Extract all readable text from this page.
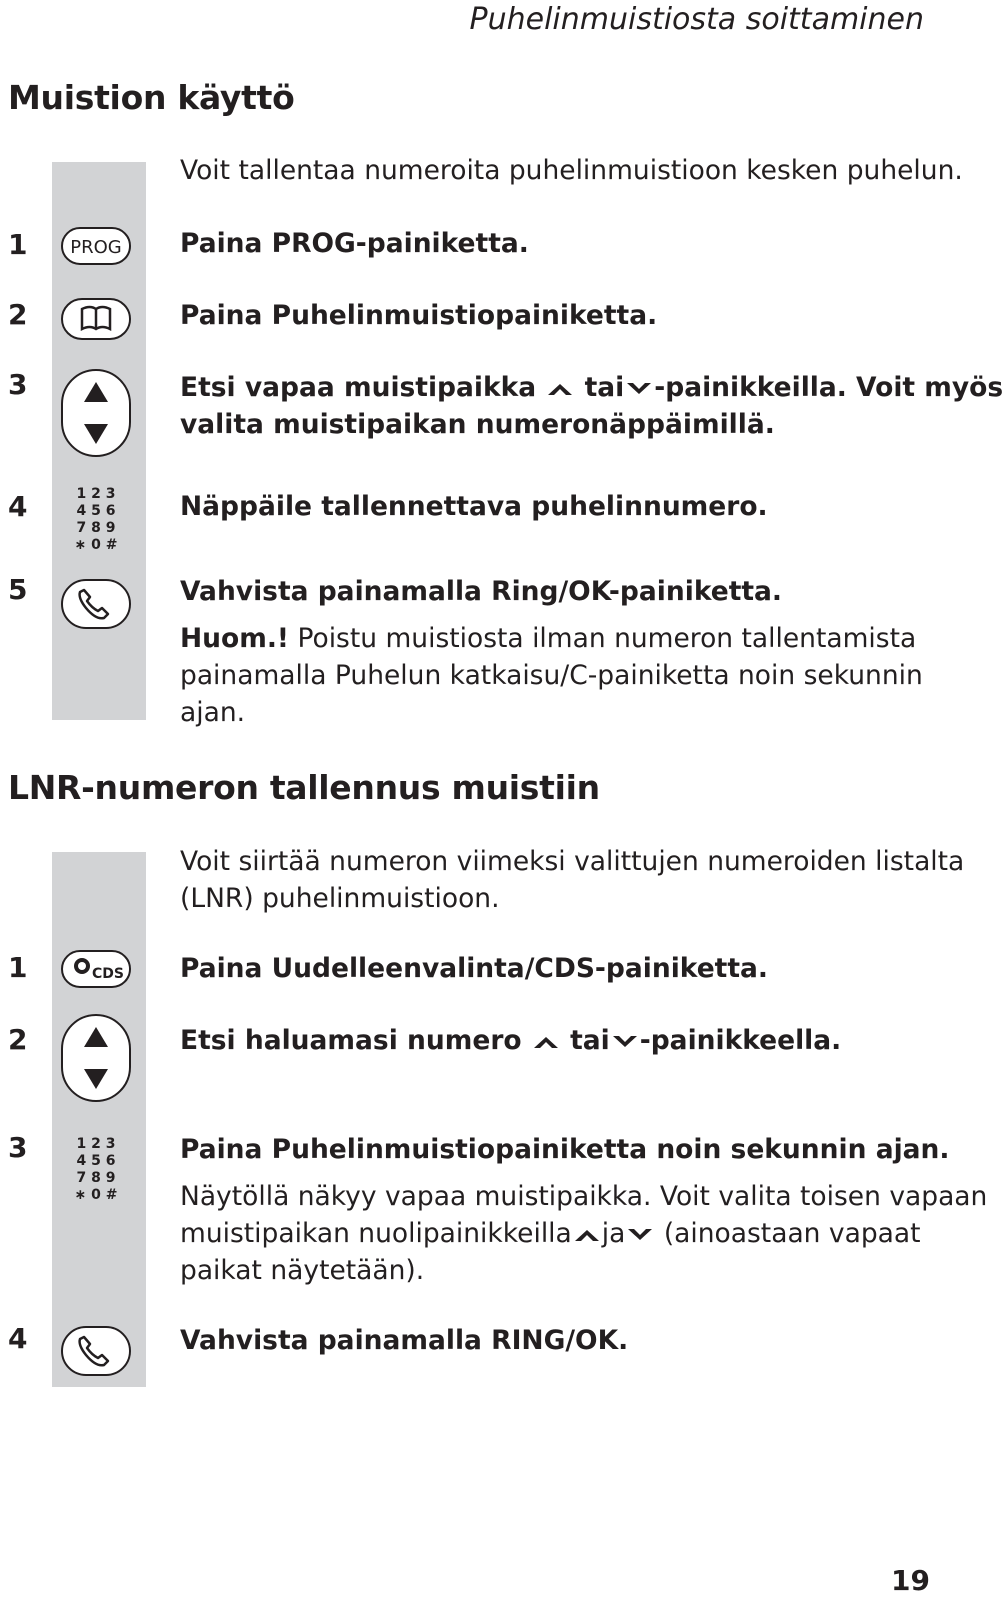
Puhelinmuistiosta soittaminen
Muistion käyttö
Voit tallentaa numeroita puhelinmuistioon kesken puhelun.
1 PROG Paina PROG-painiketta.
2	Paina Puhelinmuistiopainiketta.
3	Etsi vapaa muistipaikka tai -painikkeilla. Voit myös
valita muistipaikan numeronäppäimillä.
4	1 2 3
4 5 6
7 8 9
∗ 0 #
Näppäile tallennettava puhelinnumero.
5	Vahvista painamalla Ring/OK-painiketta.
Huom.! Poistu muistiosta ilman numeron tallentamista
painamalla Puhelun katkaisu/C-painiketta noin sekunnin
ajan.
LNR-numeron tallennus muistiin
Voit siirtää numeron viimeksi valittujen numeroiden listalta
(LNR) puhelinmuistioon.
1	CDS Paina Uudelleenvalinta/CDS-painiketta.
2	Etsi haluamasi numero tai -painikkeella.
3	1 2 3
4 5 6
7 8 9
∗ 0 #
Paina Puhelinmuistiopainiketta noin sekunnin ajan.
Näytöllä näkyy vapaa muistipaikka. Voit valita toisen vapaan
muistipaikan nuolipainikkeilla ja (ainoastaan vapaat
paikat näytetään).
4	Vahvista painamalla RING/OK.
19
